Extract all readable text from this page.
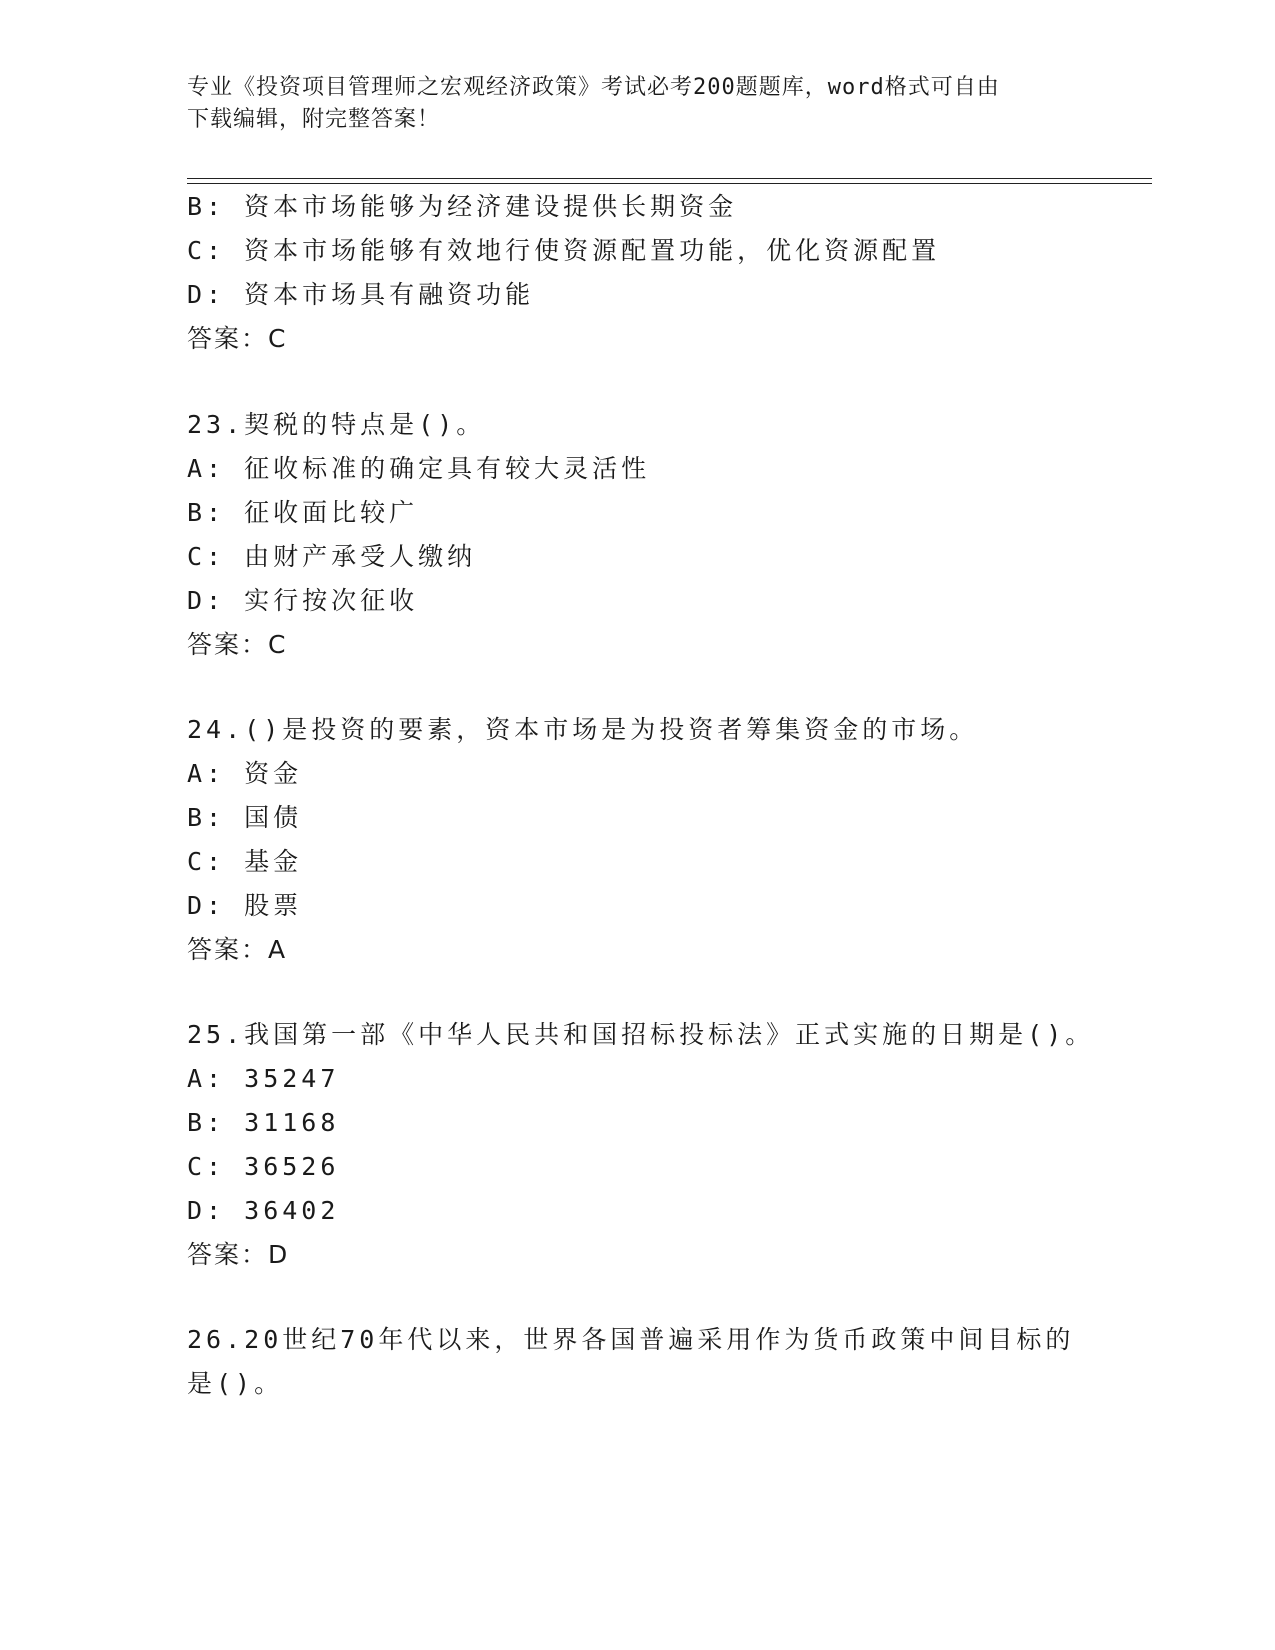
专业《投资项目管理师之宏观经济政策》考试必考200题题库，word格式可自由
下载编辑，附完整答案！
B: 资本市场能够为经济建设提供长期资金
C: 资本市场能够有效地行使资源配置功能，优化资源配置
D: 资本市场具有融资功能
答案：C
23.契税的特点是()。
A: 征收标准的确定具有较大灵活性
B: 征收面比较广
C: 由财产承受人缴纳
D: 实行按次征收
答案：C
24.()是投资的要素，资本市场是为投资者筹集资金的市场。
A: 资金
B: 国债
C: 基金
D: 股票
答案：A
25.我国第一部《中华人民共和国招标投标法》正式实施的日期是()。
A: 35247
B: 31168
C: 36526
D: 36402
答案：D
26.20世纪70年代以来，世界各国普遍采用作为货币政策中间目标的
是()。
